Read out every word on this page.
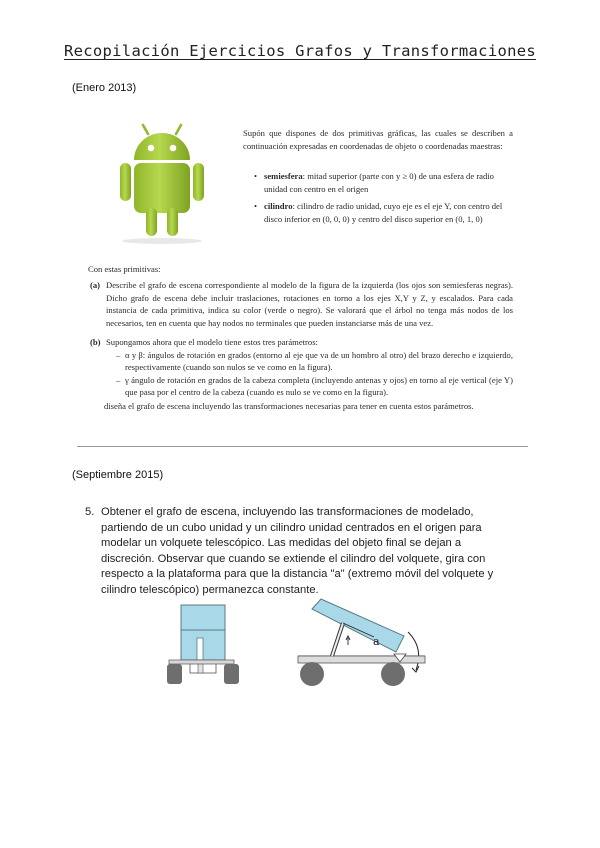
Recopilación Ejercicios Grafos y Transformaciones
(Enero 2013)
Supón que dispones de dos primitivas gráficas, las cuales se describen a continuación expresadas en coordenadas de objeto o coordenadas maestras:
• semiesfera: mitad superior (parte con y ≥ 0) de una esfera de radio unidad con centro en el origen
• cilindro: cilindro de radio unidad, cuyo eje es el eje Y, con centro del disco inferior en (0, 0, 0) y centro del disco superior en (0, 1, 0)
Con estas primitivas:
(a) Describe el grafo de escena correspondiente al modelo de la figura de la izquierda (los ojos son semiesferas negras). Dicho grafo de escena debe incluir traslaciones, rotaciones en torno a los ejes X,Y y Z, y escalados. Para cada instancia de cada primitiva, indica su color (verde o negro). Se valorará que el árbol no tenga más nodos de los necesarios, ten en cuenta que hay nodos no terminales que pueden instanciarse más de una vez.
(b) Supongamos ahora que el modelo tiene estos tres parámetros:
– α y β: ángulos de rotación en grados (entorno al eje que va de un hombro al otro) del brazo derecho e izquierdo, respectivamente (cuando son nulos se ve como en la figura).
– γ ángulo de rotación en grados de la cabeza completa (incluyendo antenas y ojos) en torno al eje vertical (eje Y) que pasa por el centro de la cabeza (cuando es nulo se ve como en la figura).
diseña el grafo de escena incluyendo las transformaciones necesarias para tener en cuenta estos parámetros.
(Septiembre 2015)
5. Obtener el grafo de escena, incluyendo las transformaciones de modelado, partiendo de un cubo unidad y un cilindro unidad centrados en el origen para modelar un volquete telescópico. Las medidas del objeto final se dejan a discreción. Observar que cuando se extiende el cilindro del volquete, gira con respecto a la plataforma para que la distancia "a" (extremo móvil del volquete y cilindro telescópico) permanezca constante.
a
